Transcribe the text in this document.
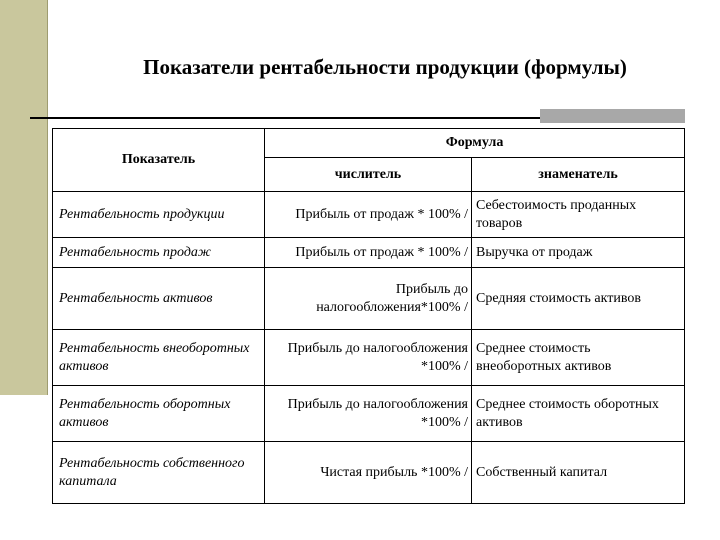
Показатели рентабельности продукции (формулы)
Показатель	Формула	
	числитель	знаменатель
Рентабельность продукции	Прибыль от продаж * 100% /	Себестоимость проданных товаров
Рентабельность продаж	Прибыль от продаж * 100% /	Выручка от продаж
Рентабельность активов	Прибыль до налогообложения*100% /	Средняя стоимость активов
Рентабельность внеоборотных активов	Прибыль до налогообложения *100% /	Среднее стоимость внеоборотных активов
Рентабельность оборотных активов	Прибыль до налогообложения *100% /	Среднее стоимость оборотных активов
Рентабельность собственного капитала	Чистая прибыль *100% /	Собственный капитал
